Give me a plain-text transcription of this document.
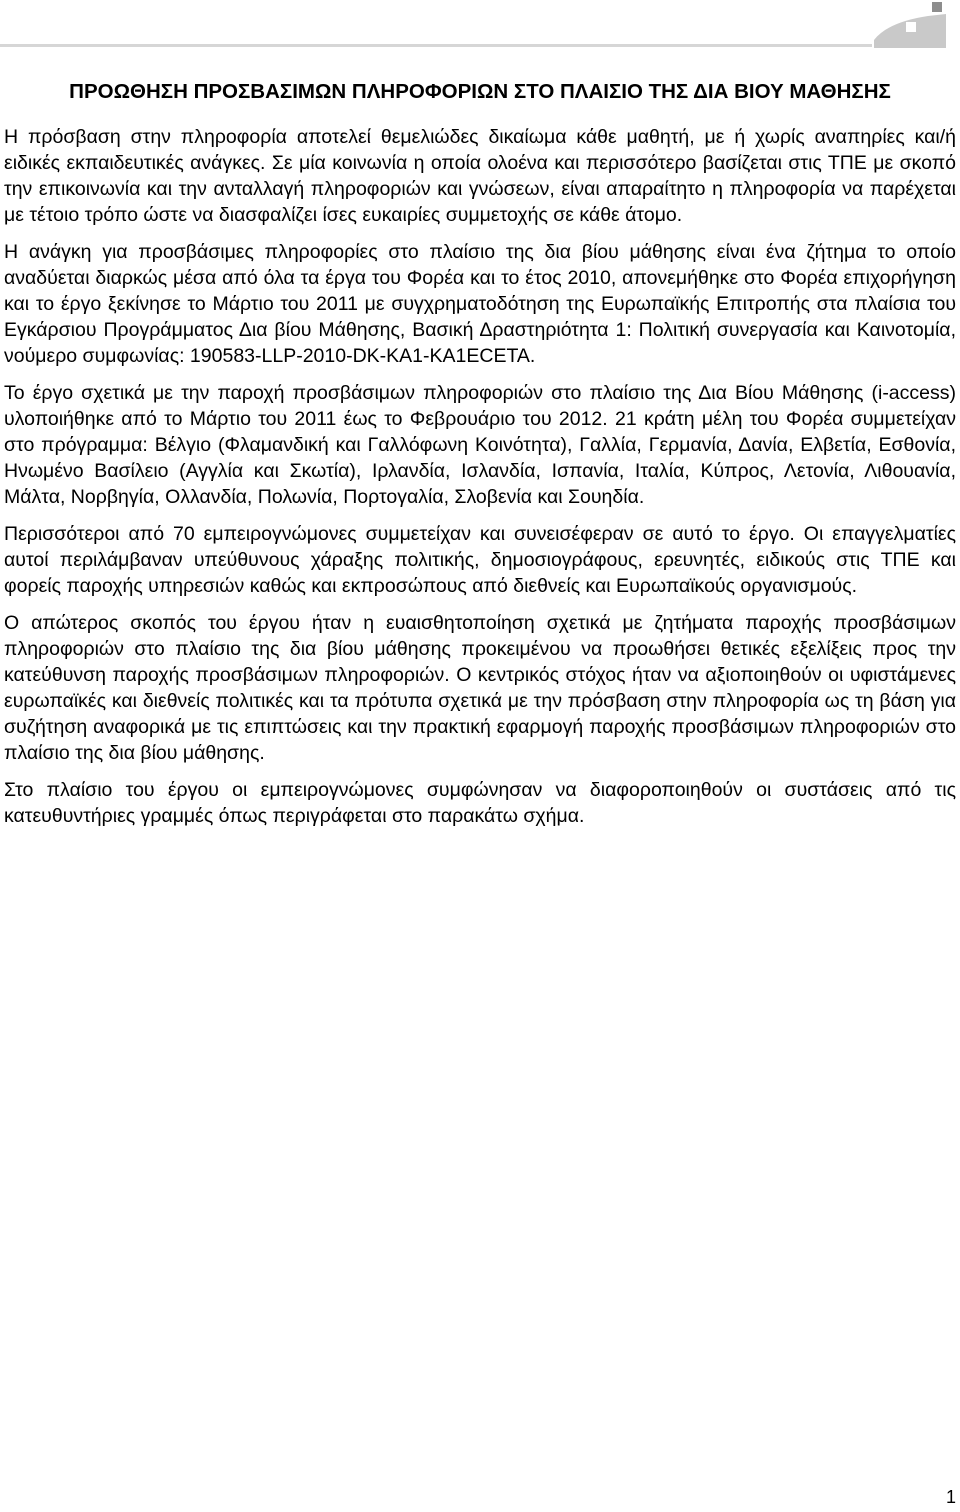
ΠΡΟΩΘΗΣΗ ΠΡΟΣΒΑΣΙΜΩΝ ΠΛΗΡΟΦΟΡΙΩΝ ΣΤΟ ΠΛΑΙΣΙΟ ΤΗΣ ΔΙΑ ΒΙΟΥ ΜΑΘΗΣΗΣ

Η πρόσβαση στην πληροφορία αποτελεί θεμελιώδες δικαίωμα κάθε μαθητή, με ή χωρίς αναπηρίες και/ή ειδικές εκπαιδευτικές ανάγκες. Σε μία κοινωνία η οποία ολοένα και περισσότερο βασίζεται στις ΤΠΕ με σκοπό την επικοινωνία και την ανταλλαγή πληροφοριών και γνώσεων, είναι απαραίτητο η πληροφορία να παρέχεται με τέτοιο τρόπο ώστε να διασφαλίζει ίσες ευκαιρίες συμμετοχής σε κάθε άτομο.

Η ανάγκη για προσβάσιμες πληροφορίες στο πλαίσιο της δια βίου μάθησης είναι ένα ζήτημα το οποίο αναδύεται διαρκώς μέσα από όλα τα έργα του Φορέα και το έτος 2010, απονεμήθηκε στο Φορέα επιχορήγηση και το έργο ξεκίνησε το Μάρτιο του 2011 με συγχρηματοδότηση της Ευρωπαϊκής Επιτροπής στα πλαίσια του Εγκάρσιου Προγράμματος Δια βίου Μάθησης, Βασική Δραστηριότητα 1: Πολιτική συνεργασία και Καινοτομία, νούμερο συμφωνίας: 190583-LLP-2010-DK-KA1-KA1ECETA.

Το έργο σχετικά με την παροχή προσβάσιμων πληροφοριών στο πλαίσιο της Δια Βίου Μάθησης (i-access) υλοποιήθηκε από το Μάρτιο του 2011 έως το Φεβρουάριο του 2012. 21 κράτη μέλη του Φορέα συμμετείχαν στο πρόγραμμα: Βέλγιο (Φλαμανδική και Γαλλόφωνη Κοινότητα), Γαλλία, Γερμανία, Δανία, Ελβετία, Εσθονία, Ηνωμένο Βασίλειο (Αγγλία και Σκωτία), Ιρλανδία, Ισλανδία, Ισπανία, Ιταλία, Κύπρος, Λετονία, Λιθουανία, Μάλτα, Νορβηγία, Ολλανδία, Πολωνία, Πορτογαλία, Σλοβενία και Σουηδία.

Περισσότεροι από 70 εμπειρογνώμονες συμμετείχαν και συνεισέφεραν σε αυτό το έργο. Οι επαγγελματίες αυτοί περιλάμβαναν υπεύθυνους χάραξης πολιτικής, δημοσιογράφους, ερευνητές, ειδικούς στις ΤΠΕ και φορείς παροχής υπηρεσιών καθώς και εκπροσώπους από διεθνείς και Ευρωπαϊκούς οργανισμούς.

Ο απώτερος σκοπός του έργου ήταν η ευαισθητοποίηση σχετικά με ζητήματα παροχής προσβάσιμων πληροφοριών στο πλαίσιο της δια βίου μάθησης προκειμένου να προωθήσει θετικές εξελίξεις προς την κατεύθυνση παροχής προσβάσιμων πληροφοριών. Ο κεντρικός στόχος ήταν να αξιοποιηθούν οι υφιστάμενες ευρωπαϊκές και διεθνείς πολιτικές και τα πρότυπα σχετικά με την πρόσβαση στην πληροφορία ως τη βάση για συζήτηση αναφορικά με τις επιπτώσεις και την πρακτική εφαρμογή παροχής προσβάσιμων πληροφοριών στο πλαίσιο της δια βίου μάθησης.

Στο πλαίσιο του έργου οι εμπειρογνώμονες συμφώνησαν να διαφοροποιηθούν οι συστάσεις από τις κατευθυντήριες γραμμές όπως περιγράφεται στο παρακάτω σχήμα.

1
